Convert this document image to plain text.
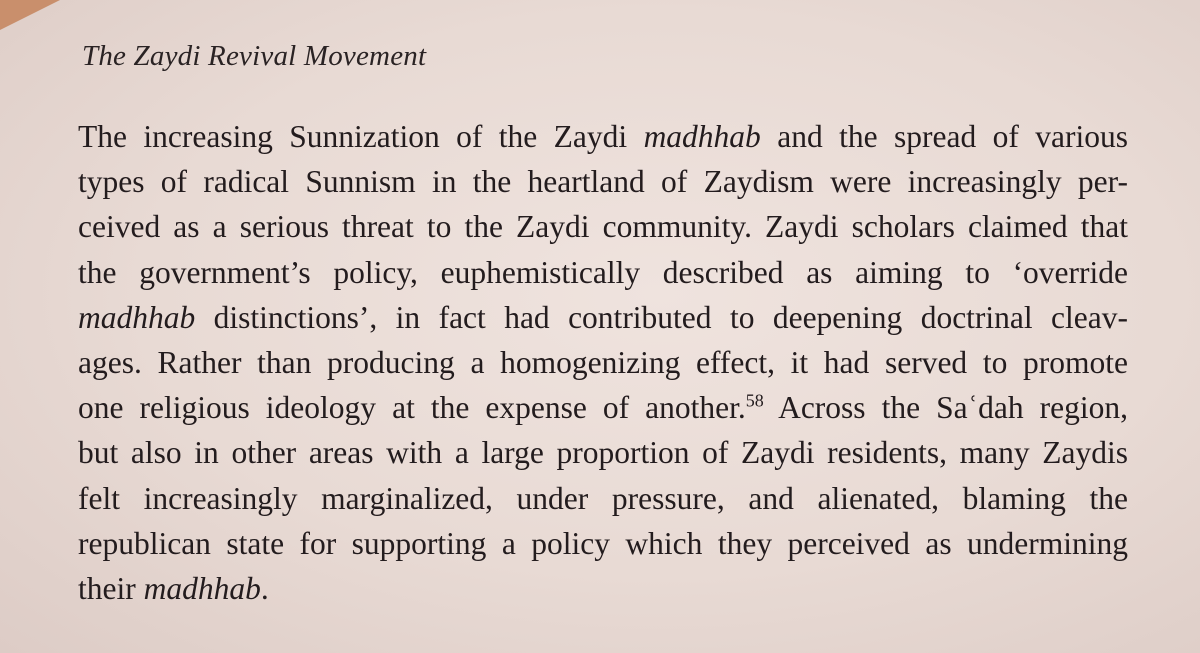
The Zaydi Revival Movement
The increasing Sunnization of the Zaydi madhhab and the spread of various
types of radical Sunnism in the heartland of Zaydism were increasingly per-
ceived as a serious threat to the Zaydi community. Zaydi scholars claimed that
the government’s policy, euphemistically described as aiming to ‘override
madhhab distinctions’, in fact had contributed to deepening doctrinal cleav-
ages. Rather than producing a homogenizing effect, it had served to promote
one religious ideology at the expense of another.$^{58}$ Across the Saʿdah region,
but also in other areas with a large proportion of Zaydi residents, many Zaydis
felt increasingly marginalized, under pressure, and alienated, blaming the
republican state for supporting a policy which they perceived as undermining
their madhhab.
